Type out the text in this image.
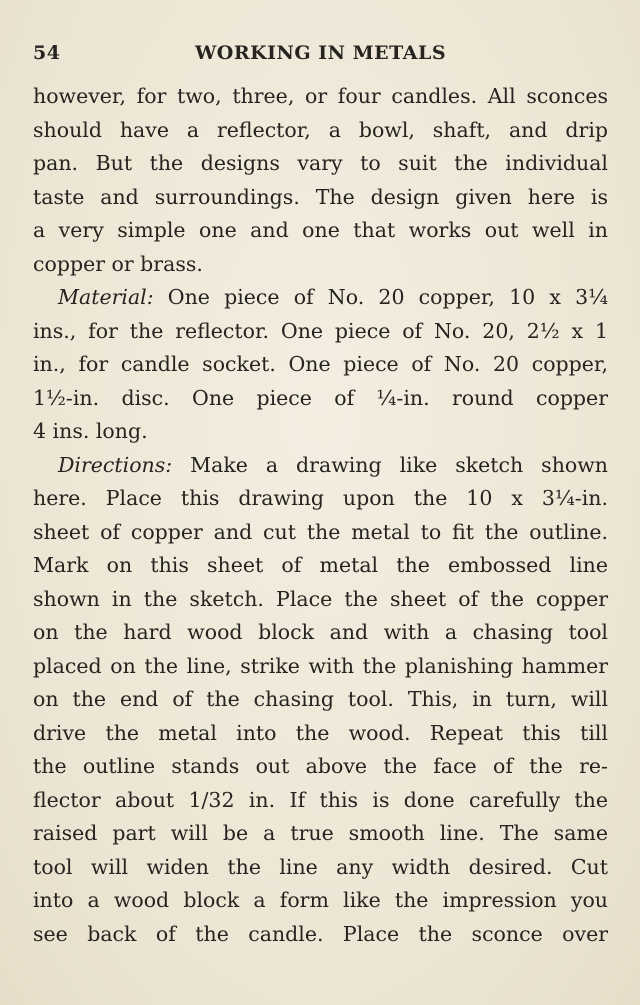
54	WORKING IN METALS
however, for two, three, or four candles. All sconces
should have a reflector, a bowl, shaft, and drip
pan. But the designs vary to suit the individual
taste and surroundings. The design given here is
a very simple one and one that works out well in
copper or brass.
Material: One piece of No. 20 copper, 10 x 3¼
ins., for the reflector. One piece of No. 20, 2½ x 1
in., for candle socket. One piece of No. 20 copper,
1½-in. disc. One piece of ¼-in. round copper
4 ins. long.
Directions: Make a drawing like sketch shown
here. Place this drawing upon the 10 x 3¼-in.
sheet of copper and cut the metal to fit the outline.
Mark on this sheet of metal the embossed line
shown in the sketch. Place the sheet of the copper
on the hard wood block and with a chasing tool
placed on the line, strike with the planishing hammer
on the end of the chasing tool. This, in turn, will
drive the metal into the wood. Repeat this till
the outline stands out above the face of the re-
flector about 1/32 in. If this is done carefully the
raised part will be a true smooth line. The same
tool will widen the line any width desired. Cut
into a wood block a form like the impression you
see back of the candle. Place the sconce over
